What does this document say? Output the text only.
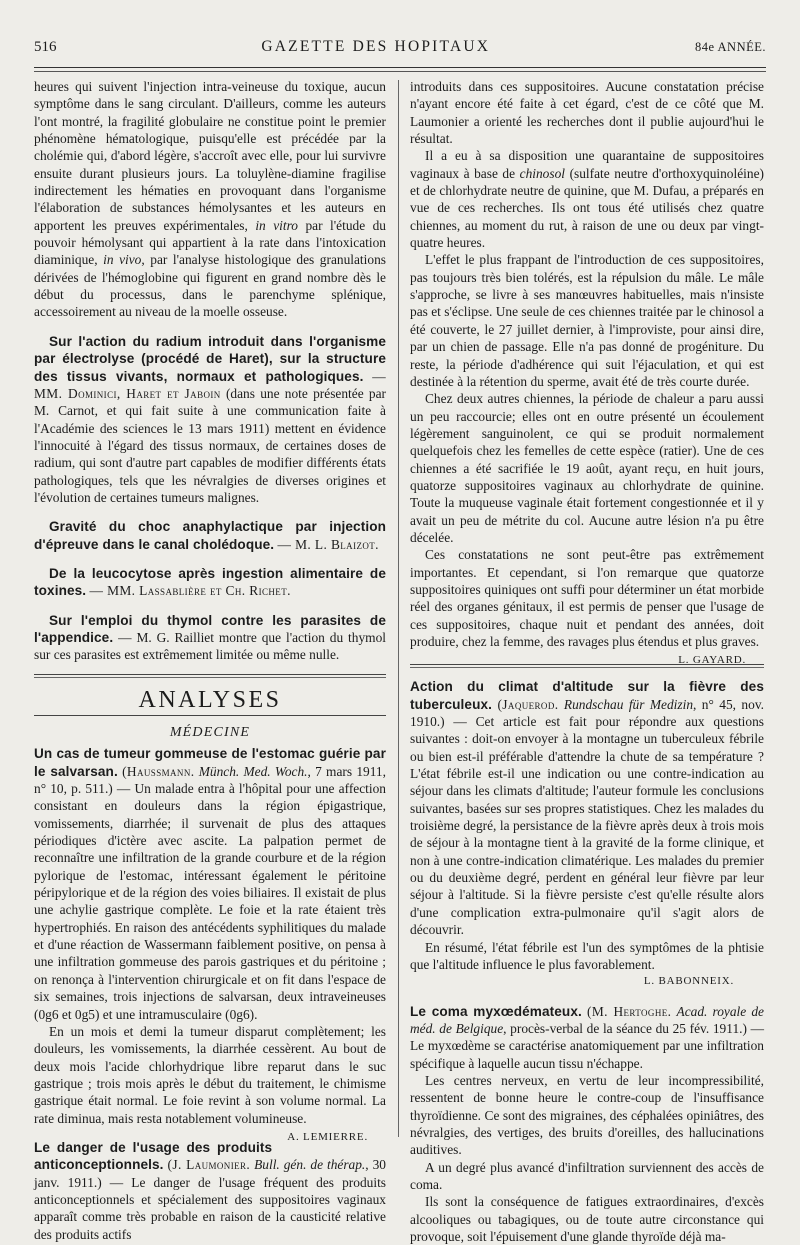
516	GAZETTE DES HOPITAUX	84e ANNÉE.

heures qui suivent l'injection intra-veineuse du toxique, aucun symptôme dans le sang circulant. D'ailleurs, comme les auteurs l'ont montré, la fragilité globulaire ne constitue point le premier phénomène hématologique, puisqu'elle est précédée par la cholémie qui, d'abord légère, s'accroît avec elle, pour lui survivre ensuite durant plusieurs jours. La toluylène-diamine fragilise indirectement les hématies en provoquant dans l'organisme l'élaboration de substances hémolysantes et les auteurs en apportent les preuves expérimentales, in vitro par l'étude du pouvoir hémolysant qui appartient à la rate dans l'intoxication diaminique, in vivo, par l'analyse histologique des granulations dérivées de l'hémoglobine qui figurent en grand nombre dès le début du processus, dans le parenchyme splénique, accessoirement au niveau de la moelle osseuse.

Sur l'action du radium introduit dans l'organisme par électrolyse (procédé de Haret), sur la structure des tissus vivants, normaux et pathologiques. — MM. Dominici, Haret et Jaboin (dans une note présentée par M. Carnot, et qui fait suite à une communication faite à l'Académie des sciences le 13 mars 1911) mettent en évidence l'innocuité à l'égard des tissus normaux, de certaines doses de radium, qui sont d'autre part capables de modifier différents états pathologiques, tels que les névralgies de diverses origines et l'évolution de certaines tumeurs malignes.

Gravité du choc anaphylactique par injection d'épreuve dans le canal cholédoque. — M. L. Blaizot.

De la leucocytose après ingestion alimentaire de toxines. — MM. Lassablière et Ch. Richet.

Sur l'emploi du thymol contre les parasites de l'appendice. — M. G. Railliet montre que l'action du thymol sur ces parasites est extrêmement limitée ou même nulle.

ANALYSES
MÉDECINE

Un cas de tumeur gommeuse de l'estomac guérie par le salvarsan. (Haussmann. Münch. Med. Woch., 7 mars 1911, n° 10, p. 511.) — Un malade entra à l'hôpital pour une affection consistant en douleurs dans la région épigastrique, vomissements, diarrhée; il survenait de plus des attaques périodiques d'ictère avec ascite. La palpation permet de reconnaître une infiltration de la grande courbure et de la région pylorique de l'estomac, intéressant également le péritoine péripylorique et de la région des voies biliaires. Il existait de plus une achylie gastrique complète. Le foie et la rate étaient très hypertrophiés. En raison des antécédents syphilitiques du malade et d'une réaction de Wassermann faiblement positive, on pensa à une infiltration gommeuse des parois gastriques et du péritoine ; on renonça à l'intervention chirurgicale et on fit dans l'espace de six semaines, trois injections de salvarsan, deux intraveineuses (0g6 et 0g5) et une intramusculaire (0g6).

En un mois et demi la tumeur disparut complètement; les douleurs, les vomissements, la diarrhée cessèrent. Au bout de deux mois l'acide chlorhydrique libre reparut dans le suc gastrique ; trois mois après le début du traitement, le chimisme gastrique était normal. Le foie revint à son volume normal. La rate diminua, mais resta notablement volumineuse.
A. LEMIERRE.

Le danger de l'usage des produits anticonceptionnels. (J. Laumonier. Bull. gén. de thérap., 30 janv. 1911.) — Le danger de l'usage fréquent des produits anticonceptionnels et spécialement des suppositoires vaginaux apparaît comme très probable en raison de la causticité relative des produits actifs

introduits dans ces suppositoires. Aucune constatation précise n'ayant encore été faite à cet égard, c'est de ce côté que M. Laumonier a orienté les recherches dont il publie aujourd'hui le résultat.

Il a eu à sa disposition une quarantaine de suppositoires vaginaux à base de chinosol (sulfate neutre d'orthoxyquinoléine) et de chlorhydrate neutre de quinine, que M. Dufau, a préparés en vue de ces recherches. Ils ont tous été utilisés chez quatre chiennes, au moment du rut, à raison de une ou deux par vingt-quatre heures.

L'effet le plus frappant de l'introduction de ces suppositoires, pas toujours très bien tolérés, est la répulsion du mâle. Le mâle s'approche, se livre à ses manœuvres habituelles, mais n'insiste pas et s'éclipse. Une seule de ces chiennes traitée par le chinosol a été couverte, le 27 juillet dernier, à l'improviste, pour ainsi dire, par un chien de passage. Elle n'a pas donné de progéniture. Du reste, la période d'adhérence qui suit l'éjaculation, et qui est destinée à la rétention du sperme, avait été de très courte durée.

Chez deux autres chiennes, la période de chaleur a paru aussi un peu raccourcie; elles ont en outre présenté un écoulement légèrement sanguinolent, ce qui se produit normalement quelquefois chez les femelles de cette espèce (ratier). Une de ces chiennes a été sacrifiée le 19 août, ayant reçu, en huit jours, quatorze suppositoires vaginaux au chlorhydrate de quinine. Toute la muqueuse vaginale était fortement congestionnée et il y avait un peu de métrite du col. Aucune autre lésion n'a pu être décelée.

Ces constatations ne sont peut-être pas extrêmement importantes. Et cependant, si l'on remarque que quatorze suppositoires quiniques ont suffi pour déterminer un état morbide réel des organes génitaux, il est permis de penser que l'usage de ces suppositoires, chaque nuit et pendant des années, doit produire, chez la femme, des ravages plus étendus et plus graves.
L. GAYARD.

Action du climat d'altitude sur la fièvre des tuberculeux. (Jaquerod. Rundschau für Medizin, n° 45, nov. 1910.) — Cet article est fait pour répondre aux questions suivantes : doit-on envoyer à la montagne un tuberculeux fébrile ou bien est-il préférable d'attendre la chute de sa température ? L'état fébrile est-il une indication ou une contre-indication au séjour dans les climats d'altitude; l'auteur formule les conclusions suivantes, basées sur ses propres statistiques. Chez les malades du troisième degré, la persistance de la fièvre après deux à trois mois de séjour à la montagne tient à la gravité de la forme clinique, et non à une contre-indication climatérique. Les malades du premier ou du deuxième degré, perdent en général leur fièvre par leur séjour à l'altitude. Si la fièvre persiste c'est qu'elle résulte alors d'une complication extra-pulmonaire qu'il s'agit alors de découvrir.

En résumé, l'état fébrile est l'un des symptômes de la phtisie que l'altitude influence le plus favorablement.

L. BABONNEIX.

Le coma myxœdémateux. (M. Hertoghe. Acad. royale de méd. de Belgique, procès-verbal de la séance du 25 fév. 1911.) — Le myxœdème se caractérise anatomiquement par une infiltration spécifique à laquelle aucun tissu n'échappe.

Les centres nerveux, en vertu de leur incompressibilité, ressentent de bonne heure le contre-coup de l'insuffisance thyroïdienne. Ce sont des migraines, des céphalées opiniâtres, des névralgies, des vertiges, des bruits d'oreilles, des hallucinations auditives.

A un degré plus avancé d'infiltration surviennent des accès de coma.

Ils sont la conséquence de fatigues extraordinaires, d'excès alcooliques ou tabagiques, ou de toute autre circonstance qui provoque, soit l'épuisement d'une glande thyroïde déjà ma-
